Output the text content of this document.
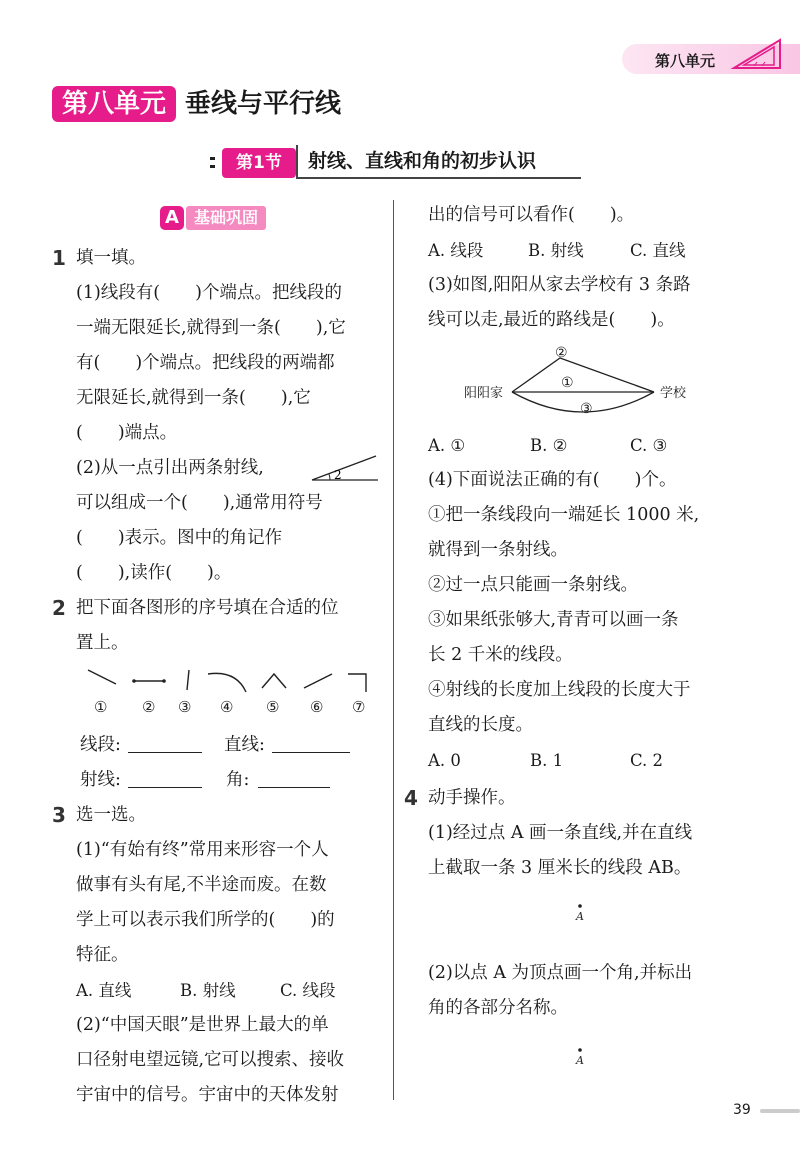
第八单元
第八单元 垂线与平行线
第1节	射线、直线和角的初步认识
A 基础巩固
1 填一填。
(1)线段有(　　)个端点。把线段的
一端无限延长,就得到一条(　　),它
有(　　)个端点。把线段的两端都
无限延长,就得到一条(　　),它
(　　)端点。
(2)从一点引出两条射线,	2
可以组成一个(　　),通常用符号
(　　)表示。图中的角记作
(　　),读作(　　)。
2 把下面各图形的序号填在合适的位
置上。
① ② ③ ④ ⑤ ⑥ ⑦
线段:	直线:
射线:	角:
3 选一选。
(1)“有始有终”常用来形容一个人
做事有头有尾,不半途而废。在数
学上可以表示我们所学的(　　)的
特征。
A. 直线	B. 射线	C. 线段
(2)“中国天眼”是世界上最大的单
口径射电望远镜,它可以搜索、接收
宇宙中的信号。宇宙中的天体发射
出的信号可以看作(　　)。
A. 线段	B. 射线	C. 直线
(3)如图,阳阳从家去学校有 3 条路
线可以走,最近的路线是(　　)。
阳阳家	学校
①
②
③
A. ①	B. ②	C. ③
(4)下面说法正确的有(　　)个。
①把一条线段向一端延长 1000 米,
就得到一条射线。
②过一点只能画一条射线。
③如果纸张够大,青青可以画一条
长 2 千米的线段。
④射线的长度加上线段的长度大于
直线的长度。
A. 0	B. 1	C. 2
4 动手操作。
(1)经过点 A 画一条直线,并在直线
上截取一条 3 厘米长的线段 AB。
A
(2)以点 A 为顶点画一个角,并标出
角的各部分名称。
A
39
